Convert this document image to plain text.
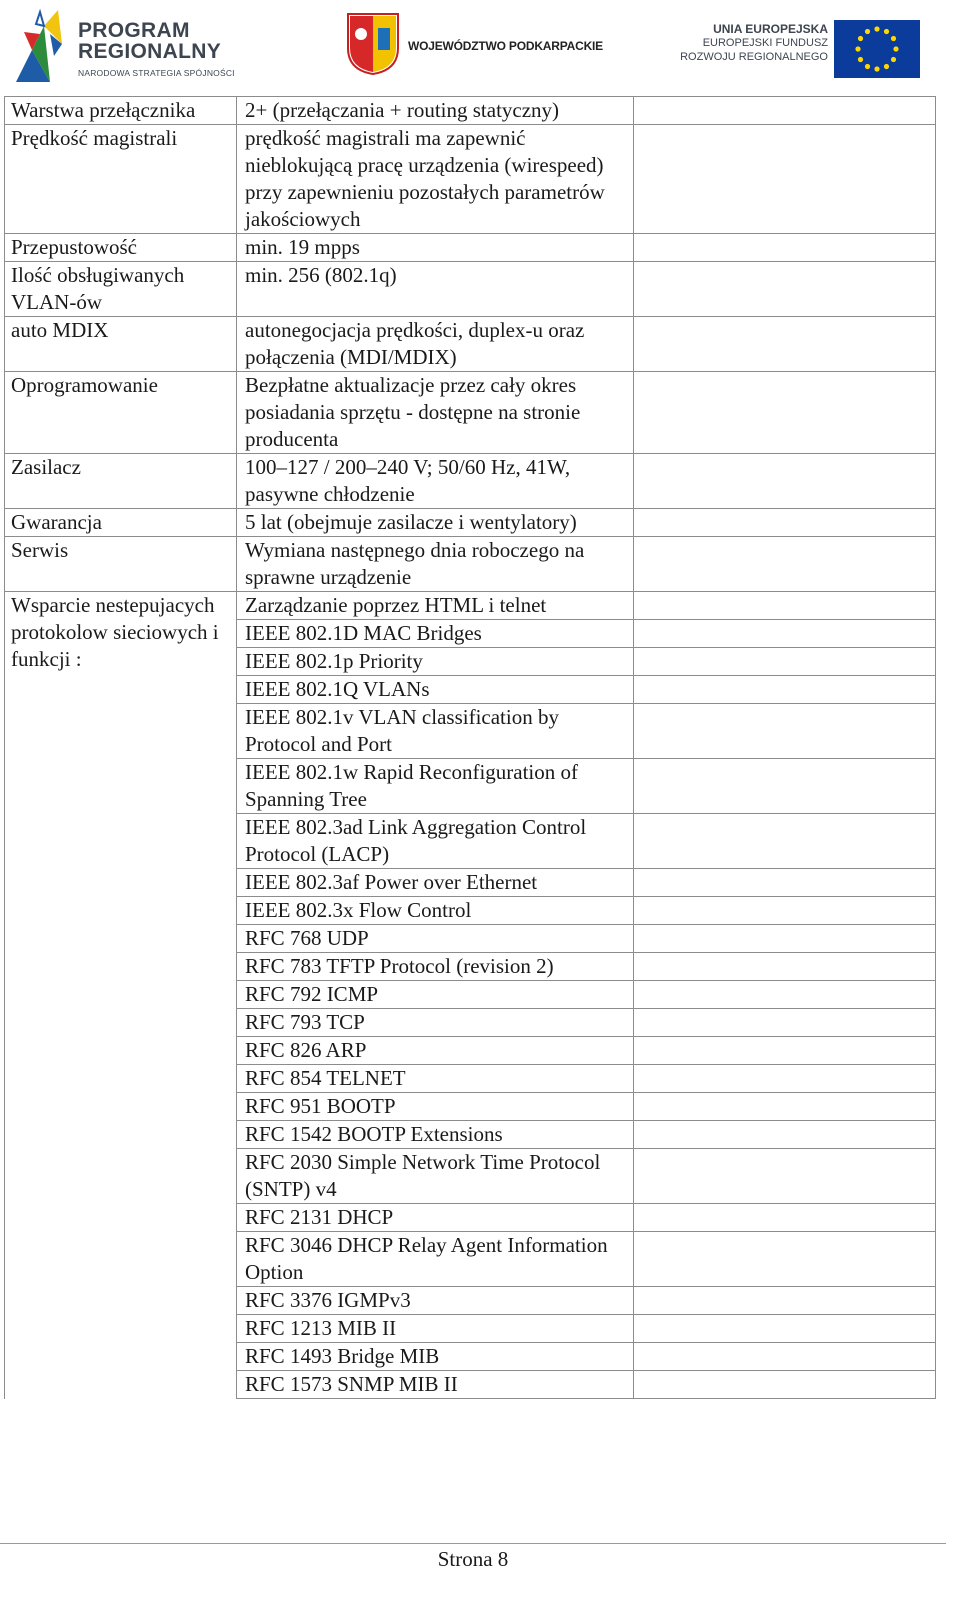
PROGRAM
REGIONALNY
NARODOWA STRATEGIA SPÓJNOŚCI
WOJEWÓDZTWO PODKARPACKIE
UNIA EUROPEJSKA
EUROPEJSKI FUNDUSZ
ROZWOJU REGIONALNEGO
Warstwa przełącznika	2+ (przełączania + routing statyczny)	
Prędkość magistrali	prędkość magistrali ma zapewnić nieblokującą pracę urządzenia (wirespeed) przy zapewnieniu pozostałych parametrów jakościowych	
Przepustowość	min. 19 mpps	
Ilość obsługiwanych VLAN-ów	min. 256 (802.1q)	
auto MDIX	autonegocjacja prędkości, duplex-u oraz połączenia (MDI/MDIX)	
Oprogramowanie	Bezpłatne aktualizacje przez cały okres posiadania sprzętu - dostępne na stronie producenta	
Zasilacz	100–127 / 200–240 V; 50/60 Hz, 41W, pasywne chłodzenie	
Gwarancja	5 lat (obejmuje zasilacze i wentylatory)	
Serwis	Wymiana następnego dnia roboczego na sprawne urządzenie	
Wsparcie nestepujacych protokolow sieciowych i funkcji :	Zarządzanie poprzez HTML i telnet	
	IEEE 802.1D MAC Bridges	
	IEEE 802.1p Priority	
	IEEE 802.1Q VLANs	
	IEEE 802.1v VLAN classification by Protocol and Port	
	IEEE 802.1w Rapid Reconfiguration of Spanning Tree	
	IEEE 802.3ad Link Aggregation Control Protocol (LACP)	
	IEEE 802.3af Power over Ethernet	
	IEEE 802.3x Flow Control	
	RFC 768 UDP	
	RFC 783 TFTP Protocol (revision 2)	
	RFC 792 ICMP	
	RFC 793 TCP	
	RFC 826 ARP	
	RFC 854 TELNET	
	RFC 951 BOOTP	
	RFC 1542 BOOTP Extensions	
	RFC 2030 Simple Network Time Protocol (SNTP) v4	
	RFC 2131 DHCP	
	RFC 3046 DHCP Relay Agent Information Option	
	RFC 3376 IGMPv3	
	RFC 1213 MIB II	
	RFC 1493 Bridge MIB	
	RFC 1573 SNMP MIB II	
Strona 8
